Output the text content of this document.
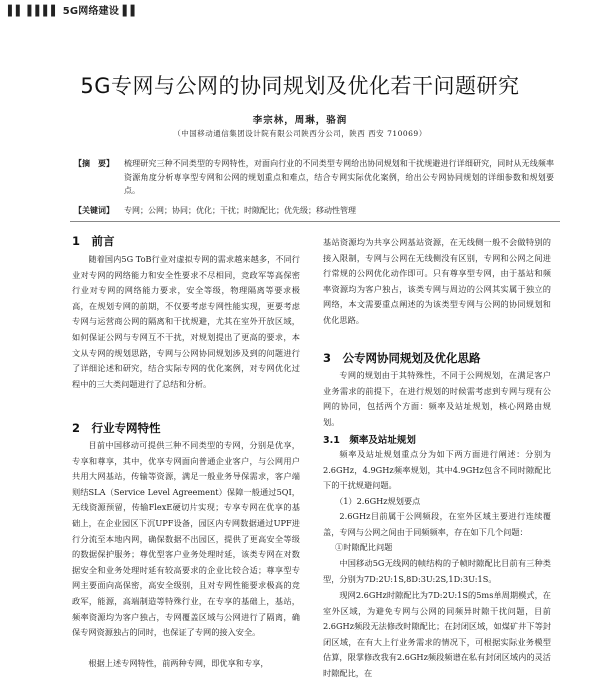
▌▌ ▌▌▌▌ 5G网络建设 ▌▌
5G专网与公网的协同规划及优化若干问题研究
李宗林，周琳，骆润
（中国移动通信集团设计院有限公司陕西分公司，陕西 西安 710069）
【摘　要】	梳理研究三种不同类型的专网特性，对面向行业的不同类型专网给出协同规划和干扰规避进行详细研究，同时从无线频率资源角度分析専享型专网和公网的规划重点和难点，结合专网实际优化案例，给出公专网协同规划的详细参数和规划要点。
【关键词】	专网；公网；协同；优化；干扰；时隙配比；优先级；移动性管理
1　前言
随着国内5G ToB行业对虚拟专网的需求越来越多，不同行业对专网的网络能力和安全性要求不尽相同，竞政军等高保密行业对专网的网络能力要求，安全等级，物理隔离等要求极高，在规划专网的前期，不仅要考虑专网性能实现，更要考虑专网与运营商公网的隔离和干扰规避，尤其在室外开放区域，如何保证公网与专网互不干扰，对规划提出了更高的要求，本文从专网的规划思路，专网与公网协同规划涉及到的问题进行了详细论述和研究，结合实际专网的优化案例，对专网优化过程中的三大类问题进行了总结和分析。
2　行业专网特性
目前中国移动可提供三种不同类型的专网，分别是优享，专享和尊享，其中，优享专网面向普通企业客户，与公网用户共用大网基站，传输等资源，满足一般业务导保需求，客户端则结SLA（Service Level Agreement）保障一般通过5QI，无线资源预留，传输FlexE硬切片实现；专享专网在优享的基础上，在企业园区下沉UPF设备，园区内专网数据通过UPF进行分流至本地内网，确保数据不出园区，提供了更高安全等级的数据保护服务；尊优型客户业务处理时延，该类专网在对数据安全和业务处理时延有较高要求的企业比较合适；尊享型专网主要面向高保密，高安全级别，且对专网性能要求极高的竞政军，能源，高端制造等特殊行业，在专享的基础上，基站，频率资源均为客户独占，专网覆盖区域与公网进行了隔离，确保专网资源独占的同时，也保证了专网的接入安全。
根据上述专网特性，前两种专网，即优享和专享，
基站资源均为共享公网基站资源，在无线侧一般不会做特别的接入限制，专网与公网在无线侧没有区别，专网和公网之间进行常规的公网优化动作即可。只有尊享型专网，由于基站和频率资源均为客户独占，该类专网与周边的公网其实属于独立的网络，本文需要重点阐述的为该类型专网与公网的协同规划和优化思路。
3　公专网协同规划及优化思路
专网的规划由于其特殊性，不同于公网规划，在满足客户业务需求的前提下，在进行规划的时候需考虑到专网与现有公网的协同，包括两个方面：频率及站址规划，核心网路由规划。
3.1　频率及站址规划
频率及站址规划重点分为如下两方面进行阐述：分别为2.6GHz，4.9GHz频率规划，其中4.9GHz包含不同时隙配比下的干扰规避问题。
（1）2.6GHz规划要点
2.6GHz目前属于公网频段，在室外区域主要进行连续覆盖，专网与公网之间由于同频频率，存在如下几个问题：
①时隙配比问题
中国移动5G无线网的帧结构的子帧时隙配比目前有三种类型，分别为7D:2U:1S,8D:3U:2S,1D:3U:1S。
现网2.6GHz时隙配比为7D:2U:1S的5ms单周期模式，在室外区域，为避免专网与公网的同频异时隙干扰问题，目前2.6GHz频段无法修改时隙配比；在封闭区域，如煤矿井下等封闭区域，在有大上行业务需求的情况下，可根据实际业务模型估算，限掌修改我有2.6GHz频段频谱在私有封闭区域内的灵活时隙配比，在
